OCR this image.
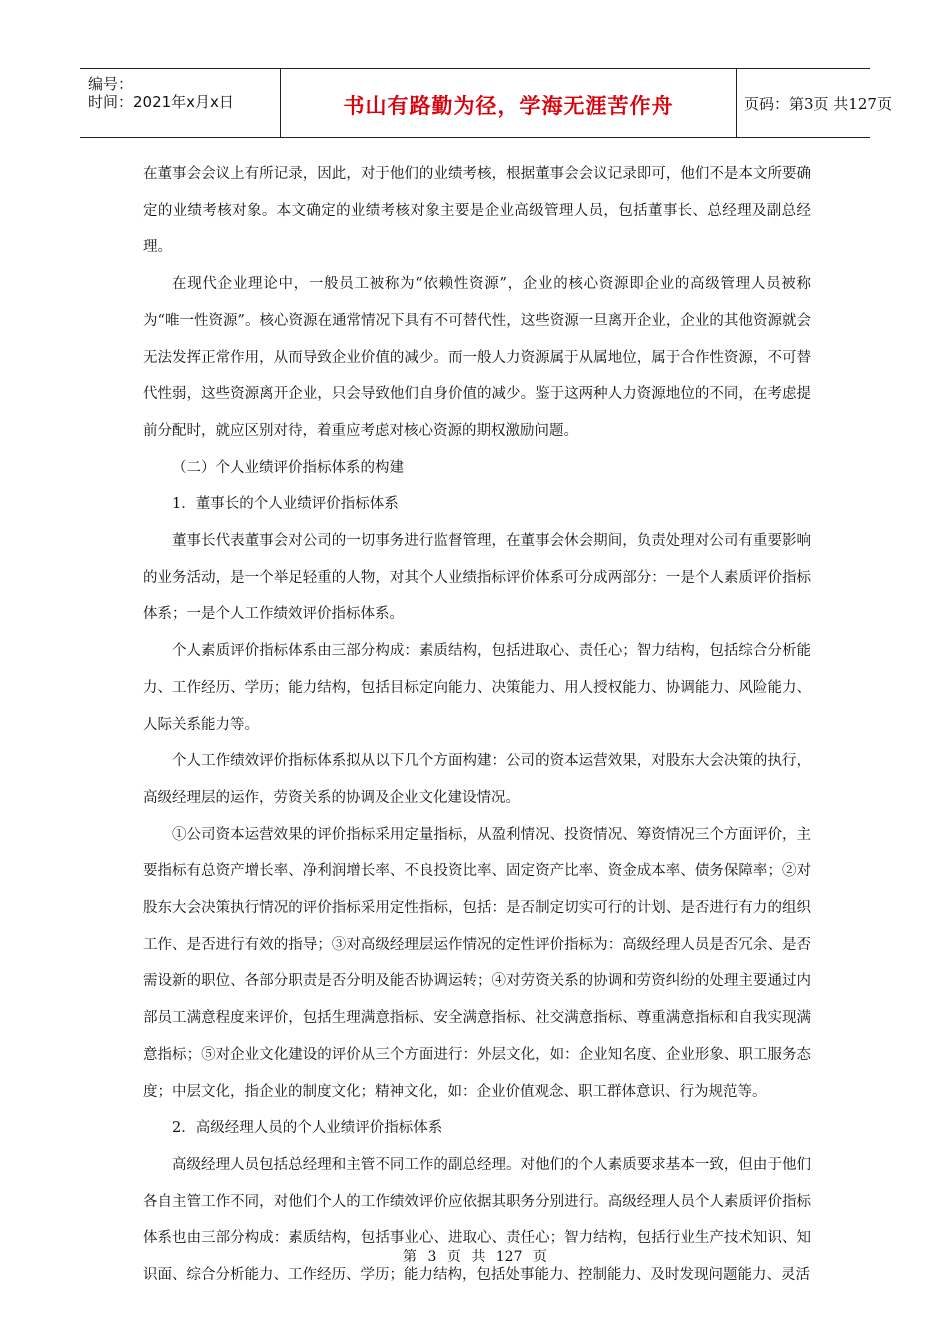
编号：
时间：2021年x月x日	书山有路勤为径，学海无涯苦作舟	页码：第3页 共127页

在董事会会议上有所记录，因此，对于他们的业绩考核，根据董事会会议记录即可，他们不是本文所要确定的业绩考核对象。本文确定的业绩考核对象主要是企业高级管理人员，包括董事长、总经理及副总经理。

在现代企业理论中，一般员工被称为“依赖性资源”，企业的核心资源即企业的高级管理人员被称为“唯一性资源”。核心资源在通常情况下具有不可替代性，这些资源一旦离开企业，企业的其他资源就会无法发挥正常作用，从而导致企业价值的减少。而一般人力资源属于从属地位，属于合作性资源，不可替代性弱，这些资源离开企业，只会导致他们自身价值的减少。鉴于这两种人力资源地位的不同，在考虑提前分配时，就应区别对待，着重应考虑对核心资源的期权激励问题。

（二）个人业绩评价指标体系的构建

1．董事长的个人业绩评价指标体系

董事长代表董事会对公司的一切事务进行监督管理，在董事会休会期间，负责处理对公司有重要影响的业务活动，是一个举足轻重的人物，对其个人业绩指标评价体系可分成两部分：一是个人素质评价指标体系；一是个人工作绩效评价指标体系。

个人素质评价指标体系由三部分构成：素质结构，包括进取心、责任心；智力结构，包括综合分析能力、工作经历、学历；能力结构，包括目标定向能力、决策能力、用人授权能力、协调能力、风险能力、人际关系能力等。

个人工作绩效评价指标体系拟从以下几个方面构建：公司的资本运营效果，对股东大会决策的执行，高级经理层的运作，劳资关系的协调及企业文化建设情况。

①公司资本运营效果的评价指标采用定量指标，从盈利情况、投资情况、筹资情况三个方面评价，主要指标有总资产增长率、净利润增长率、不良投资比率、固定资产比率、资金成本率、债务保障率；②对股东大会决策执行情况的评价指标采用定性指标，包括：是否制定切实可行的计划、是否进行有力的组织工作、是否进行有效的指导；③对高级经理层运作情况的定性评价指标为：高级经理人员是否冗余、是否需设新的职位、各部分职责是否分明及能否协调运转；④对劳资关系的协调和劳资纠纷的处理主要通过内部员工满意程度来评价，包括生理满意指标、安全满意指标、社交满意指标、尊重满意指标和自我实现满意指标；⑤对企业文化建设的评价从三个方面进行：外层文化，如：企业知名度、企业形象、职工服务态度；中层文化，指企业的制度文化；精神文化，如：企业价值观念、职工群体意识、行为规范等。

2．高级经理人员的个人业绩评价指标体系

高级经理人员包括总经理和主管不同工作的副总经理。对他们的个人素质要求基本一致，但由于他们各自主管工作不同，对他们个人的工作绩效评价应依据其职务分别进行。高级经理人员个人素质评价指标体系也由三部分构成：素质结构，包括事业心、进取心、责任心；智力结构，包括行业生产技术知识、知识面、综合分析能力、工作经历、学历；能力结构，包括处事能力、控制能力、及时发现问题能力、灵活

第 3 页 共 127 页
